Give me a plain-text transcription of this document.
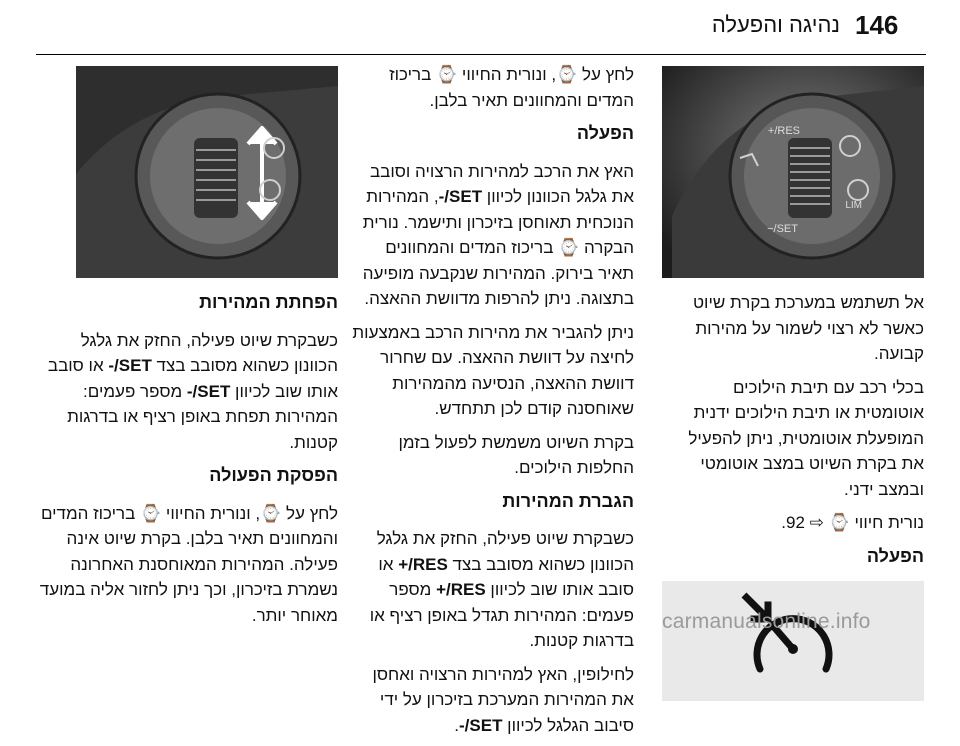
146
נהיגה והפעלה
RES/+
SET/−
LIM

אל תשתמש במערכת בקרת שיוט כאשר לא רצוי לשמור על מהירות קבועה.

בכלי רכב עם תיבת הילוכים אוטומטית או תיבת הילוכים ידנית המופעלת אוטומטית, ניתן להפעיל את בקרת השיוט במצב אוטומטי ובמצב ידני.

נורית חיווי ⌚ ⇨ 92.

הפעלה

לחץ על ⌚, ונורית החיווי ⌚ בריכוז המדים והמחוונים תאיר בלבן.

הפעלה

האץ את הרכב למהירות הרצויה וסובב את גלגל הכוונון לכיוון SET/-, המהירות הנוכחית תאוחסן בזיכרון ותישמר. נורית הבקרה ⌚ בריכוז המדים והמחוונים תאיר בירוק. המהירות שנקבעה מופיעה בתצוגה. ניתן להרפות מדוושת ההאצה.

ניתן להגביר את מהירות הרכב באמצעות לחיצה על דוושת ההאצה. עם שחרור דוושת ההאצה, הנסיעה מהמהירות שאוחסנה קודם לכן תתחדש.

בקרת השיוט משמשת לפעול בזמן החלפות הילוכים.

הגברת המהירות

כשבקרת שיוט פעילה, החזק את גלגל הכוונון כשהוא מסובב בצד RES/+ או סובב אותו שוב לכיוון RES/+ מספר פעמים: המהירות תגדל באופן רציף או בדרגות קטנות.

לחילופין, האץ למהירות הרצויה ואחסן את המהירות המערכת בזיכרון על ידי סיבוב הגלגל לכיוון SET/-.

הפחתת המהירות

כשבקרת שיוט פעילה, החזק את גלגל הכוונון כשהוא מסובב בצד SET/- או סובב אותו שוב לכיוון SET/- מספר פעמים: המהירות תפחת באופן רציף או בדרגות קטנות.

הפסקת הפעולה

לחץ על ⌚, ונורית החיווי ⌚ בריכוז המדים והמחוונים תאיר בלבן. בקרת שיוט אינה פעילה. המהירות המאוחסנת האחרונה נשמרת בזיכרון, וכך ניתן לחזור אליה במועד מאוחר יותר.	carmanualsonline.info
